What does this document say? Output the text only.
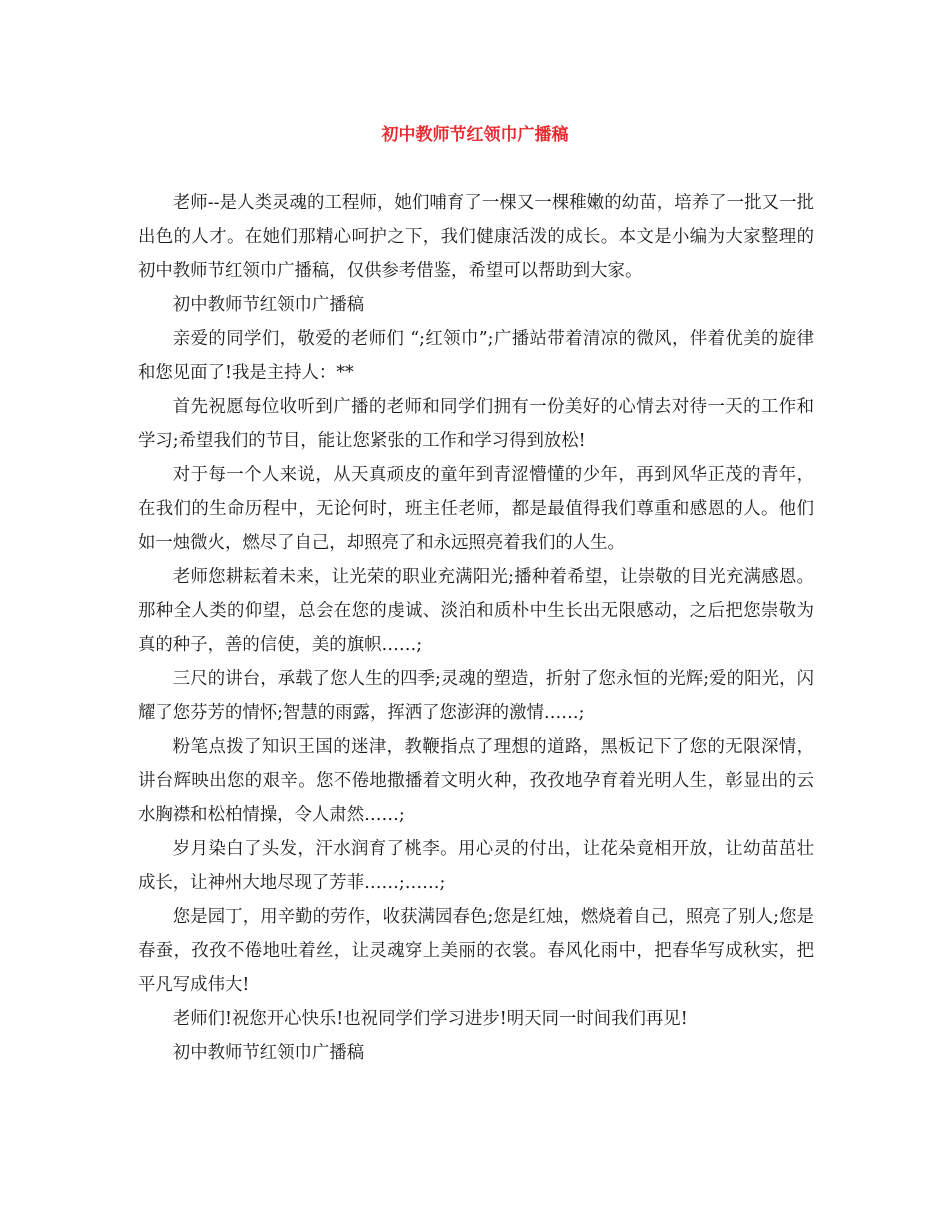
初中教师节红领巾广播稿

老师--是人类灵魂的工程师，她们哺育了一棵又一棵稚嫩的幼苗，培养了一批又一批出色的人才。在她们那精心呵护之下，我们健康活泼的成长。本文是小编为大家整理的初中教师节红领巾广播稿，仅供参考借鉴，希望可以帮助到大家。

初中教师节红领巾广播稿

亲爱的同学们，敬爱的老师们 “;红领巾”;广播站带着清凉的微风，伴着优美的旋律和您见面了!我是主持人：**

首先祝愿每位收听到广播的老师和同学们拥有一份美好的心情去对待一天的工作和学习;希望我们的节目，能让您紧张的工作和学习得到放松!

对于每一个人来说，从天真顽皮的童年到青涩懵懂的少年，再到风华正茂的青年，在我们的生命历程中，无论何时，班主任老师，都是最值得我们尊重和感恩的人。他们如一烛微火，燃尽了自己，却照亮了和永远照亮着我们的人生。

老师您耕耘着未来，让光荣的职业充满阳光;播种着希望，让崇敬的目光充满感恩。那种全人类的仰望，总会在您的虔诚、淡泊和质朴中生长出无限感动，之后把您崇敬为真的种子，善的信使，美的旗帜……;

三尺的讲台，承载了您人生的四季;灵魂的塑造，折射了您永恒的光辉;爱的阳光，闪耀了您芬芳的情怀;智慧的雨露，挥洒了您澎湃的激情……;

粉笔点拨了知识王国的迷津，教鞭指点了理想的道路，黑板记下了您的无限深情，讲台辉映出您的艰辛。您不倦地撒播着文明火种，孜孜地孕育着光明人生，彰显出的云水胸襟和松柏情操，令人肃然……;

岁月染白了头发，汗水润育了桃李。用心灵的付出，让花朵竟相开放，让幼苗茁壮成长，让神州大地尽现了芳菲……;……;

您是园丁，用辛勤的劳作，收获满园春色;您是红烛，燃烧着自己，照亮了别人;您是春蚕，孜孜不倦地吐着丝，让灵魂穿上美丽的衣裳。春风化雨中，把春华写成秋实，把平凡写成伟大!

老师们!祝您开心快乐!也祝同学们学习进步!明天同一时间我们再见!

初中教师节红领巾广播稿
